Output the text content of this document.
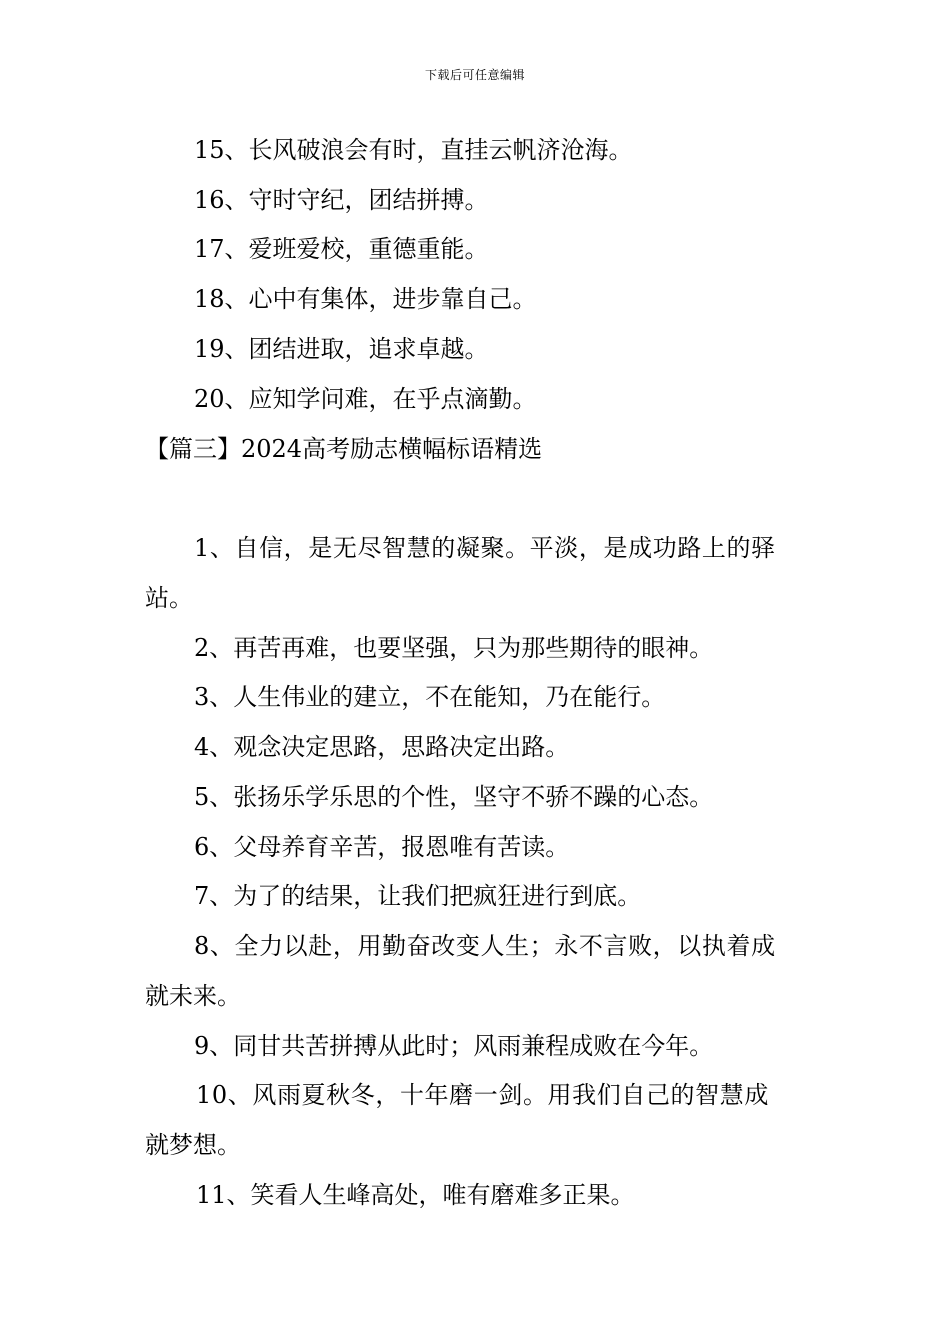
下载后可任意编辑
15、长风破浪会有时，直挂云帆济沧海。
16、守时守纪，团结拼搏。
17、爱班爱校，重德重能。
18、心中有集体，进步靠自己。
19、团结进取，追求卓越。
20、应知学问难，在乎点滴勤。
【篇三】2024高考励志横幅标语精选
1、自信，是无尽智慧的凝聚。平淡，是成功路上的驿
站。
2、再苦再难，也要坚强，只为那些期待的眼神。
3、人生伟业的建立，不在能知，乃在能行。
4、观念决定思路，思路决定出路。
5、张扬乐学乐思的个性，坚守不骄不躁的心态。
6、父母养育辛苦，报恩唯有苦读。
7、为了的结果，让我们把疯狂进行到底。
8、全力以赴，用勤奋改变人生；永不言败，以执着成
就未来。
9、同甘共苦拼搏从此时；风雨兼程成败在今年。
10、风雨夏秋冬，十年磨一剑。用我们自己的智慧成
就梦想。
11、笑看人生峰高处，唯有磨难多正果。
